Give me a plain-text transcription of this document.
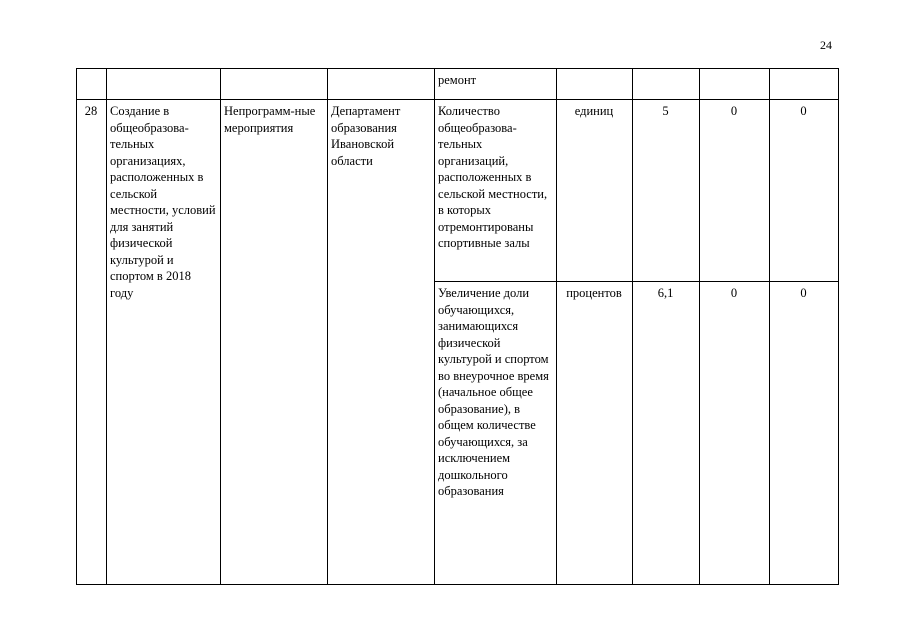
24
				ремонт				
28	Создание в общеобразова-тельных организациях, расположенных в сельской местности, условий для занятий физической культурой и спортом в 2018 году	Непрограмм-ные мероприятия	Департамент образования Ивановской области	Количество общеобразова-тельных организаций, расположенных в сельской местности, в которых отремонтированы спортивные залы	единиц	5	0	0
				Увеличение доли обучающихся, занимающихся физической культурой и спортом во внеурочное время (начальное общее образование), в общем количестве обучающихся, за исключением дошкольного образования	процентов	6,1	0	0
